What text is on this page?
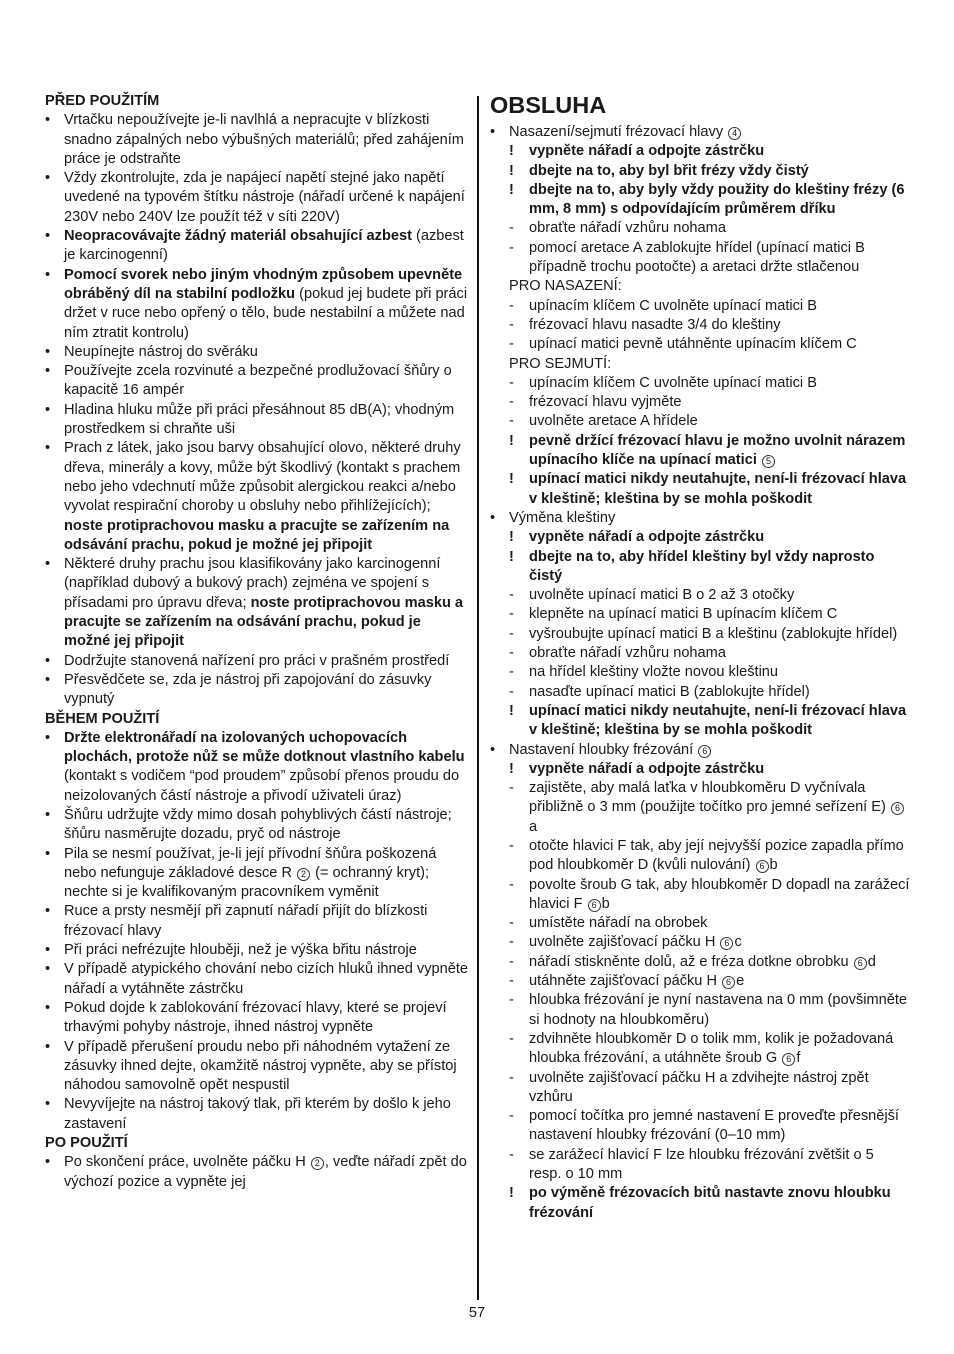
PŘED POUŽITÍM
• Vrtačku nepoužívejte je-li navlhlá a nepracujte v blízkosti snadno zápalných nebo výbušných materiálů; před zahájením práce je odstraňte
• Vždy zkontrolujte, zda je napájecí napětí stejné jako napětí uvedené na typovém štítku nástroje (nářadí určené k napájení 230V nebo 240V lze použít též v síti 220V)
• Neopracovávajte žádný materiál obsahující azbest (azbest je karcinogenní)
• Pomocí svorek nebo jiným vhodným způsobem upevněte obráběný díl na stabilní podložku (pokud jej budete při práci držet v ruce nebo opřený o tělo, bude nestabilní a můžete nad ním ztratit kontrolu)
• Neupínejte nástroj do svěráku
• Používejte zcela rozvinuté a bezpečné prodlužovací šňůry o kapacitě 16 ampér
• Hladina hluku může při práci přesáhnout 85 dB(A); vhodným prostředkem si chraňte uši
• Prach z látek, jako jsou barvy obsahující olovo, některé druhy dřeva, minerály a kovy, může být škodlivý (kontakt s prachem nebo jeho vdechnutí může způsobit alergickou reakci a/nebo vyvolat respirační choroby u obsluhy nebo přihlížejících); noste protiprachovou masku a pracujte se zařízením na odsávání prachu, pokud je možné jej připojit
• Některé druhy prachu jsou klasifikovány jako karcinogenní (například dubový a bukový prach) zejména ve spojení s přísadami pro úpravu dřeva; noste protiprachovou masku a pracujte se zařízením na odsávání prachu, pokud je možné jej připojit
• Dodržujte stanovená nařízení pro práci v prašném prostředí
• Přesvědčete se, zda je nástroj při zapojování do zásuvky vypnutý
BĚHEM POUŽITÍ
• Držte elektronářadí na izolovaných uchopovacích plochách, protože nůž se může dotknout vlastního kabelu (kontakt s vodičem “pod proudem” způsobí přenos proudu do neizolovaných částí nástroje a přivodí uživateli úraz)
• Šňůru udržujte vždy mimo dosah pohyblivých částí nástroje; šňůru nasměrujte dozadu, pryč od nástroje
• Pila se nesmí používat, je-li její přívodní šňůra poškozená nebo nefunguje základové desce R 2 (= ochranný kryt); nechte si je kvalifikovaným pracovníkem vyměnit
• Ruce a prsty nesmějí při zapnutí nářadí přijít do blízkosti frézovací hlavy
• Při práci nefrézujte hlouběji, než je výška břitu nástroje
• V případě atypického chování nebo cizích hluků ihned vypněte nářadí a vytáhněte zástrčku
• Pokud dojde k zablokování frézovací hlavy, které se projeví trhavými pohyby nástroje, ihned nástroj vypněte
• V případě přerušení proudu nebo při náhodném vytažení ze zásuvky ihned dejte, okamžitě nástroj vypněte, aby se přístoj náhodou samovolně opět nespustil
• Nevyvíjejte na nástroj takový tlak, při kterém by došlo k jeho zastavení
PO POUŽITÍ
• Po skončení práce, uvolněte páčku H 2 , veďte nářadí zpět do výchozí pozice a vypněte jej
OBSLUHA
• Nasazení/sejmutí frézovací hlavy 4
! vypněte nářadí a odpojte zástrčku
! dbejte na to, aby byl břit frézy vždy čistý
! dbejte na to, aby byly vždy použity do kleštiny frézy (6 mm, 8 mm) s odpovídajícím průměrem dříku
- obraťte nářadí vzhůru nohama
- pomocí aretace A zablokujte hřídel (upínací matici B případně trochu pootočte) a aretaci držte stlačenou
PRO NASAZENÍ:
- upínacím klíčem C uvolněte upínací matici B
- frézovací hlavu nasadte 3/4 do kleštiny
- upínací matici pevně utáhněnte upínacím klíčem C
PRO SEJMUTÍ:
- upínacím klíčem C uvolněte upínací matici B
- frézovací hlavu vyjměte
- uvolněte aretace A hřídele
! pevně držící frézovací hlavu je možno uvolnit nárazem upínacího klíče na upínací matici 5
! upínací matici nikdy neutahujte, není-li frézovací hlava v kleštině; kleština by se mohla poškodit
• Výměna kleštiny
! vypněte nářadí a odpojte zástrčku
! dbejte na to, aby hřídel kleštiny byl vždy naprosto čistý
- uvolněte upínací matici B o 2 až 3 otočky
- klepněte na upínací matici B upínacím klíčem C
- vyšroubujte upínací matici B a kleštinu (zablokujte hřídel)
- obraťte nářadí vzhůru nohama
- na hřídel kleštiny vložte novou kleštinu
- nasaďte upínací matici B (zablokujte hřídel)
! upínací matici nikdy neutahujte, není-li frézovací hlava v kleštině; kleština by se mohla poškodit
• Nastavení hloubky frézování 6
! vypněte nářadí a odpojte zástrčku
- zajistěte, aby malá laťka v hloubkoměru D vyčnívala přibližně o 3 mm (použijte točítko pro jemné seřízení E) 6a
- otočte hlavici F tak, aby její nejvyšší pozice zapadla přímo pod hloubkoměr D (kvůli nulování) 6 b
- povolte šroub G tak, aby hloubkoměr D dopadl na zarážecí hlavici F 6 b
- umístěte nářadí na obrobek
- uvolněte zajišťovací páčku H 6 c
- nářadí stiskněnte dolů, až e fréza dotkne obrobku 6 d
- utáhněte zajišťovací páčku H 6 e
- hloubka frézování je nyní nastavena na 0 mm (povšimněte si hodnoty na hloubkoměru)
- zdvihněte hloubkoměr D o tolik mm, kolik je požadovaná hloubka frézování, a utáhněte šroub G 6 f
- uvolněte zajišťovací páčku H a zdvihejte nástroj zpět vzhůru
- pomocí točítka pro jemné nastavení E proveďte přesnější nastavení hloubky frézování (0–10 mm)
- se zarážecí hlavicí F lze hloubku frézování zvětšit o 5 resp. o 10 mm
! po výměně frézovacích bitů nastavte znovu hloubku frézování
57
